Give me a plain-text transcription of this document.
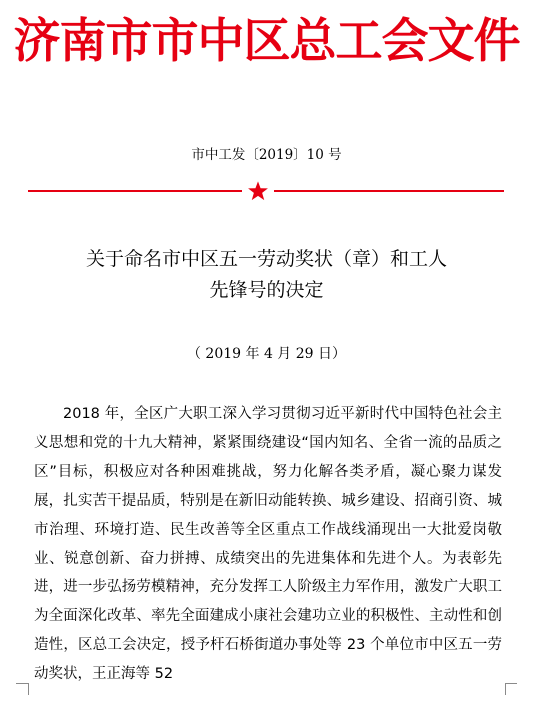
济南市市中区总工会文件
市中工发〔2019〕10 号
关于命名市中区五一劳动奖状（章）和工人
先锋号的决定
（ 2019 年 4 月 29 日）
2018 年，全区广大职工深入学习贯彻习近平新时代中国特色社会主义思想和党的十九大精神，紧紧围绕建设“国内知名、全省一流的品质之区”目标，积极应对各种困难挑战，努力化解各类矛盾，凝心聚力谋发展，扎实苦干提品质，特别是在新旧动能转换、城乡建设、招商引资、城市治理、环境打造、民生改善等全区重点工作战线涌现出一大批爱岗敬业、锐意创新、奋力拼搏、成绩突出的先进集体和先进个人。为表彰先进，进一步弘扬劳模精神，充分发挥工人阶级主力军作用，激发广大职工为全面深化改革、率先全面建成小康社会建功立业的积极性、主动性和创造性，区总工会决定，授予杆石桥街道办事处等 23 个单位市中区五一劳动奖状，王正海等 52
